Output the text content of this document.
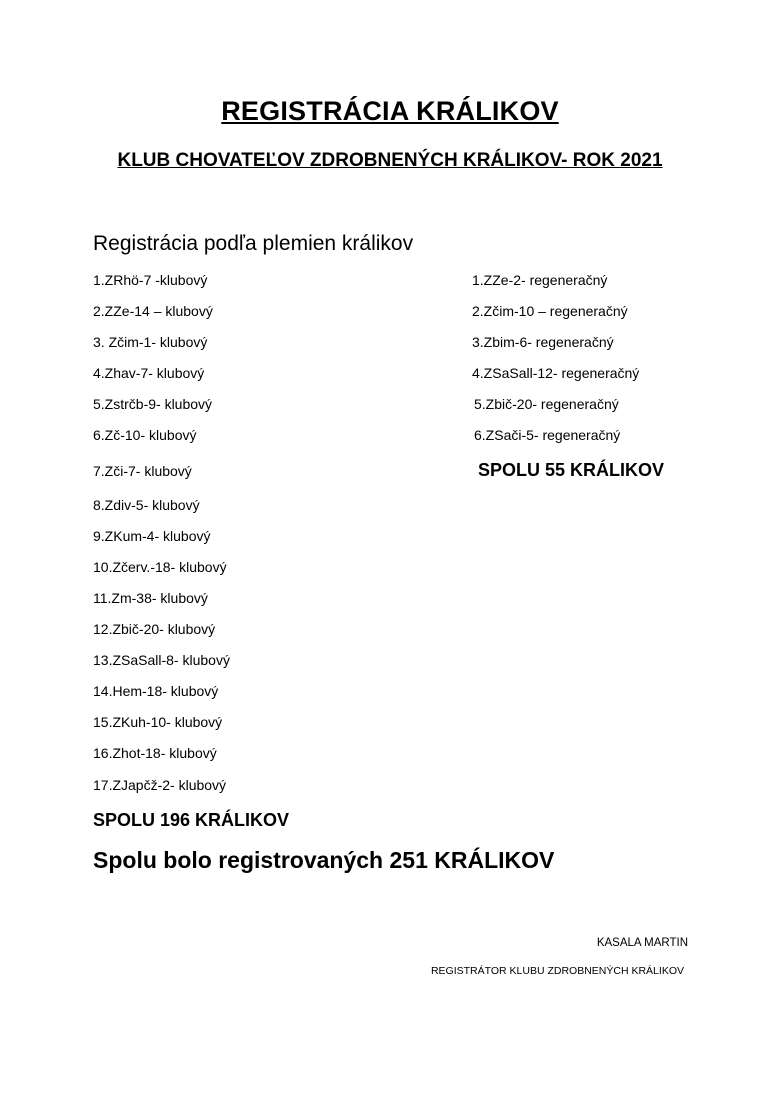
REGISTRÁCIA KRÁLIKOV
KLUB CHOVATEĽOV ZDROBNENÝCH KRÁLIKOV- ROK 2021
Registrácia podľa plemien králikov
1.ZRhö-7 -klubový
2.ZZe-14 – klubový
3. Zčim-1- klubový
4.Zhav-7- klubový
5.Zstrčb-9- klubový
6.Zč-10- klubový
7.Zči-7- klubový
8.Zdiv-5- klubový
9.ZKum-4- klubový
10.Zčerv.-18- klubový
11.Zm-38- klubový
12.Zbič-20- klubový
13.ZSaSall-8- klubový
14.Hem-18- klubový
15.ZKuh-10- klubový
16.Zhot-18- klubový
17.ZJapčž-2- klubový
SPOLU 196 KRÁLIKOV
1.ZZe-2- regeneračný
2.Zčim-10 – regeneračný
3.Zbim-6- regeneračný
4.ZSaSall-12- regeneračný
5.Zbič-20- regeneračný
6.ZSači-5- regeneračný
SPOLU 55 KRÁLIKOV
Spolu bolo registrovaných 251 KRÁLIKOV
KASALA MARTIN
REGISTRÁTOR KLUBU ZDROBNENÝCH KRÁLIKOV
